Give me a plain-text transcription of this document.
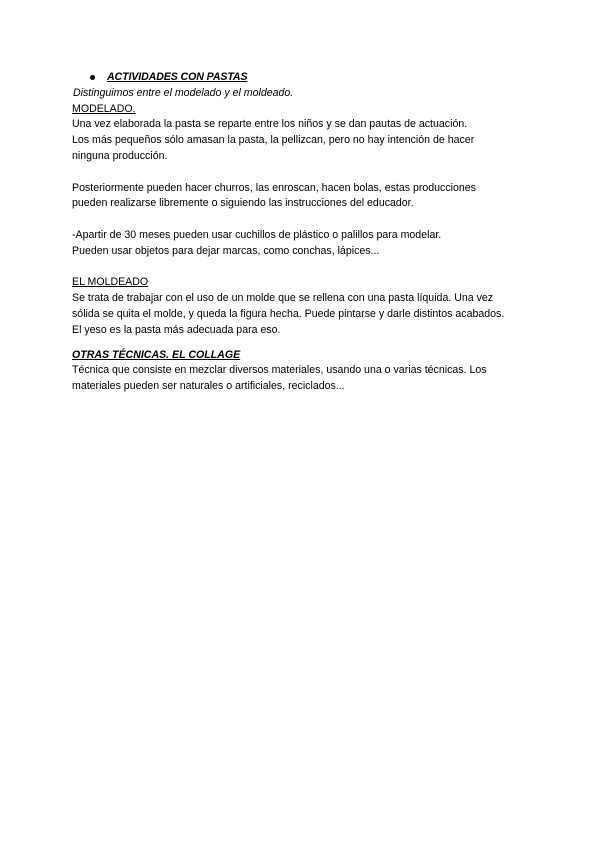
ACTIVIDADES CON PASTAS
Distinguimos entre el modelado y el moldeado.
MODELADO.

Una vez elaborada la pasta se reparte entre los niños y se dan pautas de actuación.

Los más pequeños sólo amasan la pasta, la pellizcan, pero no hay intención de hacer

ninguna producción.

Posteriormente pueden hacer churros, las enroscan, hacen bolas, estas producciones

pueden realizarse libremente o siguiendo las instrucciones del educador.

-Apartir de 30 meses pueden usar cuchillos de plástico o palillos para modelar.

Pueden usar objetos para dejar marcas, como conchas, lápices...

EL MOLDEADO

Se trata de trabajar con el uso de un molde que se rellena con una pasta líquida. Una vez

sólida se quita el molde, y queda la figura hecha. Puede pintarse y darle distintos acabados.

El yeso es la pasta más adecuada para eso.

OTRAS TÉCNICAS. EL COLLAGE

Técnica que consiste en mezclar diversos materiales, usando una o varias técnicas. Los

materiales pueden ser naturales o artificiales, reciclados...
